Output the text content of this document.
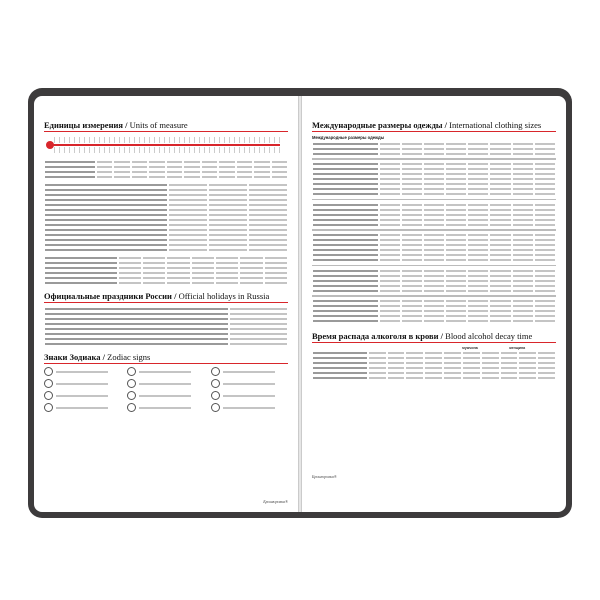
Единицы измерения / Units of measure
Официальные праздники России / Official holidays in Russia
Знаки Зодиака / Zodiac signs
Брошюровка®
Международные размеры одежды / International clothing sizes
Международные размеры одежды
Время распада алкоголя в крови / Blood alcohol decay time
мужчина	женщина
Брошюровка®
